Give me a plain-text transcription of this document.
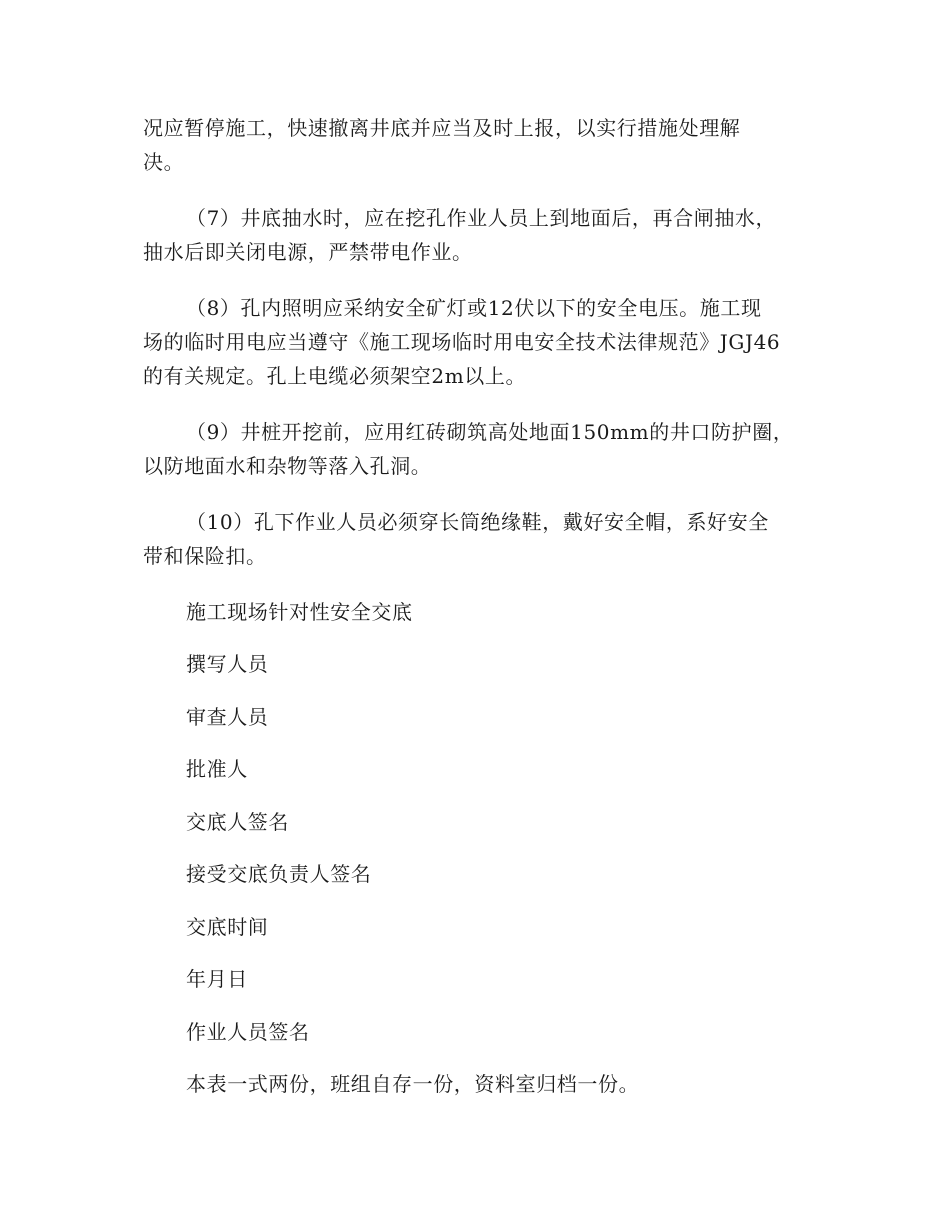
况应暂停施工，快速撤离井底并应当及时上报，以实行措施处理解
决。
（7）井底抽水时，应在挖孔作业人员上到地面后，再合闸抽水，
抽水后即关闭电源，严禁带电作业。
（8）孔内照明应采纳安全矿灯或12伏以下的安全电压。施工现
场的临时用电应当遵守《施工现场临时用电安全技术法律规范》JGJ46
的有关规定。孔上电缆必须架空2m以上。
（9）井桩开挖前，应用红砖砌筑高处地面150mm的井口防护圈，
以防地面水和杂物等落入孔洞。
（10）孔下作业人员必须穿长筒绝缘鞋，戴好安全帽，系好安全
带和保险扣。
施工现场针对性安全交底
撰写人员
审查人员
批准人
交底人签名
接受交底负责人签名
交底时间
年月日
作业人员签名
本表一式两份，班组自存一份，资料室归档一份。
